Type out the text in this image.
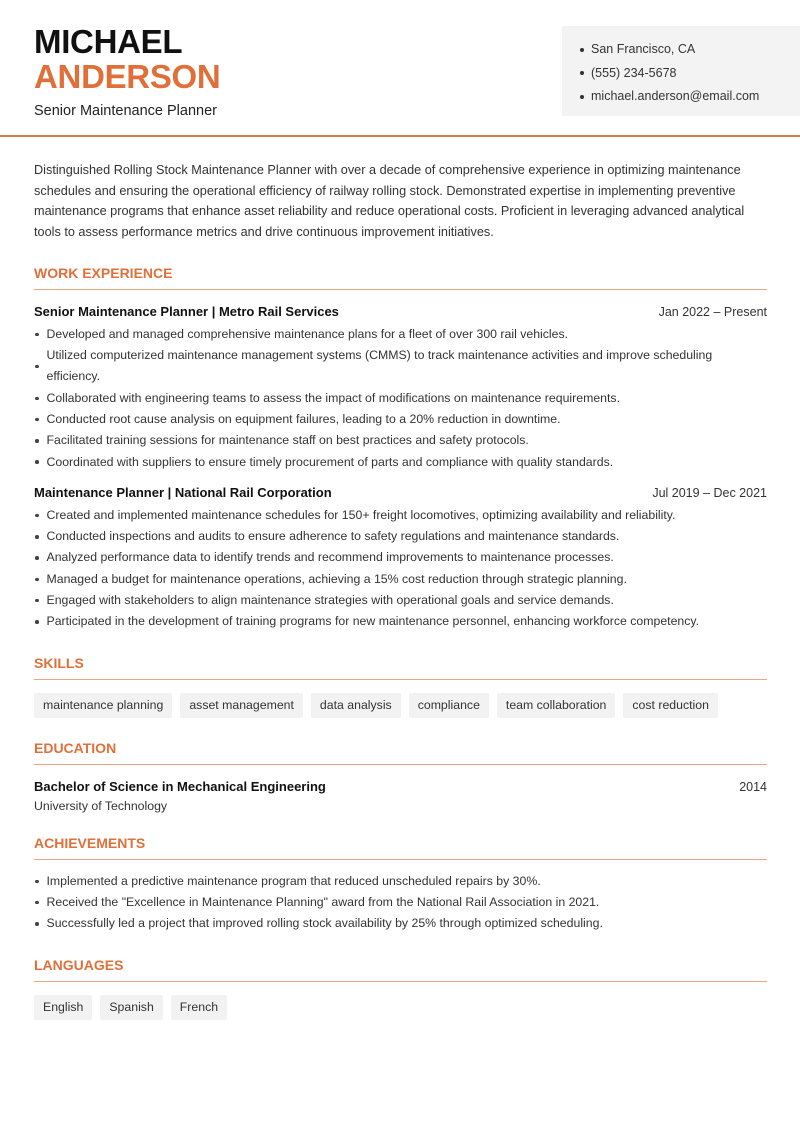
MICHAEL
ANDERSON
Senior Maintenance Planner
San Francisco, CA
(555) 234-5678
michael.anderson@email.com

Distinguished Rolling Stock Maintenance Planner with over a decade of comprehensive experience in optimizing maintenance schedules and ensuring the operational efficiency of railway rolling stock. Demonstrated expertise in implementing preventive maintenance programs that enhance asset reliability and reduce operational costs. Proficient in leveraging advanced analytical tools to assess performance metrics and drive continuous improvement initiatives.

WORK EXPERIENCE
Senior Maintenance Planner | Metro Rail Services	Jan 2022 – Present
Developed and managed comprehensive maintenance plans for a fleet of over 300 rail vehicles.
Utilized computerized maintenance management systems (CMMS) to track maintenance activities and improve scheduling efficiency.
Collaborated with engineering teams to assess the impact of modifications on maintenance requirements.
Conducted root cause analysis on equipment failures, leading to a 20% reduction in downtime.
Facilitated training sessions for maintenance staff on best practices and safety protocols.
Coordinated with suppliers to ensure timely procurement of parts and compliance with quality standards.
Maintenance Planner | National Rail Corporation	Jul 2019 – Dec 2021
Created and implemented maintenance schedules for 150+ freight locomotives, optimizing availability and reliability.
Conducted inspections and audits to ensure adherence to safety regulations and maintenance standards.
Analyzed performance data to identify trends and recommend improvements to maintenance processes.
Managed a budget for maintenance operations, achieving a 15% cost reduction through strategic planning.
Engaged with stakeholders to align maintenance strategies with operational goals and service demands.
Participated in the development of training programs for new maintenance personnel, enhancing workforce competency.
SKILLS
maintenance planning	asset management	data analysis	compliance	team collaboration	cost reduction
EDUCATION
Bachelor of Science in Mechanical Engineering	2014
University of Technology
ACHIEVEMENTS
Implemented a predictive maintenance program that reduced unscheduled repairs by 30%.
Received the "Excellence in Maintenance Planning" award from the National Rail Association in 2021.
Successfully led a project that improved rolling stock availability by 25% through optimized scheduling.
LANGUAGES
English	Spanish	French
